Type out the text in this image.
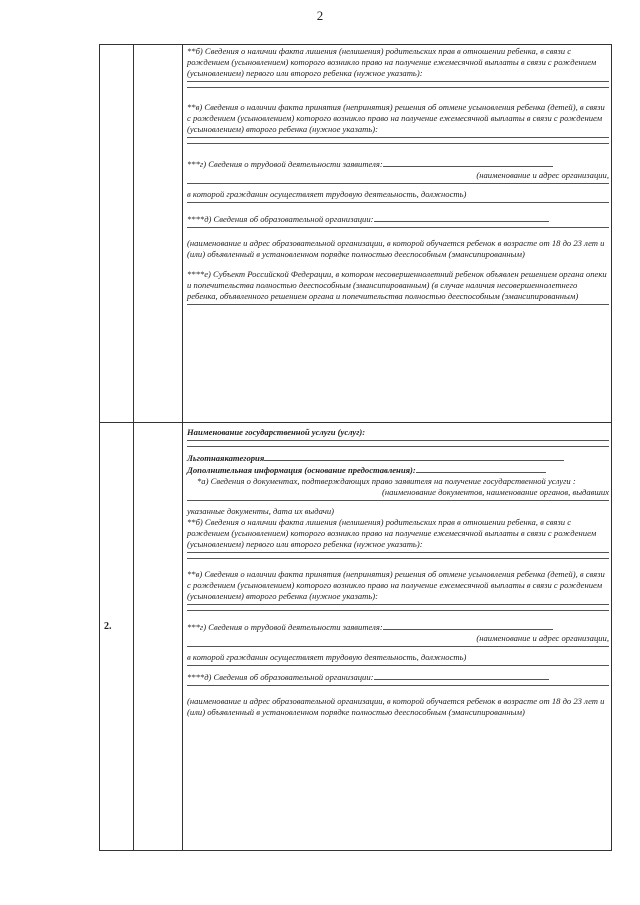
2
2.

**б) Сведения о наличии факта лишения (нелишения) родительских прав в отношении ребенка, в связи с рождением (усыновлением) которого возникло право на получение ежемесячной выплаты в связи с рождением (усыновлением) первого или второго ребенка (нужное указать):

**в) Сведения о наличии факта принятия (непринятия) решения об отмене усыновления ребенка (детей), в связи с рождением (усыновлением) которого возникло право на получение ежемесячной выплаты в связи с рождением (усыновлением) второго ребенка (нужное указать):

***г) Сведения о трудовой деятельности заявителя:

(наименование и адрес организации,

в которой гражданин осуществляет трудовую деятельность, должность)

****д) Сведения об образовательной организации:

(наименование и адрес образовательной организации, в которой обучается ребенок в возрасте от 18 до 23 лет и (или) объявленный в установленном порядке полностью дееспособным (эмансипированным)

****е) Субъект Российской Федерации, в котором несовершеннолетний ребенок объявлен решением органа опеки и попечительства полностью дееспособным (эмансипированным) (в случае наличия несовершеннолетнего ребенка, объявленного решением органа и попечительства полностью дееспособным (эмансипированным)

Наименование государственной услуги (услуг):

Льготнаякатегория

Дополнительная информация (основание предоставления):

*а) Сведения о документах, подтверждающих право заявителя на получение государственной услуги :

(наименование документов, наименование органов, выдавших

указанные документы, дата их выдачи)

**б) Сведения о наличии факта лишения (нелишения) родительских прав в отношении ребенка, в связи с рождением (усыновлением) которого возникло право на получение ежемесячной выплаты в связи с рождением (усыновлением) первого или второго ребенка (нужное указать):

**в) Сведения о наличии факта принятия (непринятия) решения об отмене усыновления ребенка (детей), в связи с рождением (усыновлением) которого возникло право на получение ежемесячной выплаты в связи с рождением (усыновлением) второго ребенка (нужное указать):

***г) Сведения о трудовой деятельности заявителя:

(наименование и адрес организации,

в которой гражданин осуществляет трудовую деятельность, должность)

****д) Сведения об образовательной организации:

(наименование и адрес образовательной организации, в которой обучается ребенок в возрасте от 18 до 23 лет и (или) объявленный в установленном порядке полностью дееспособным (эмансипированным)
